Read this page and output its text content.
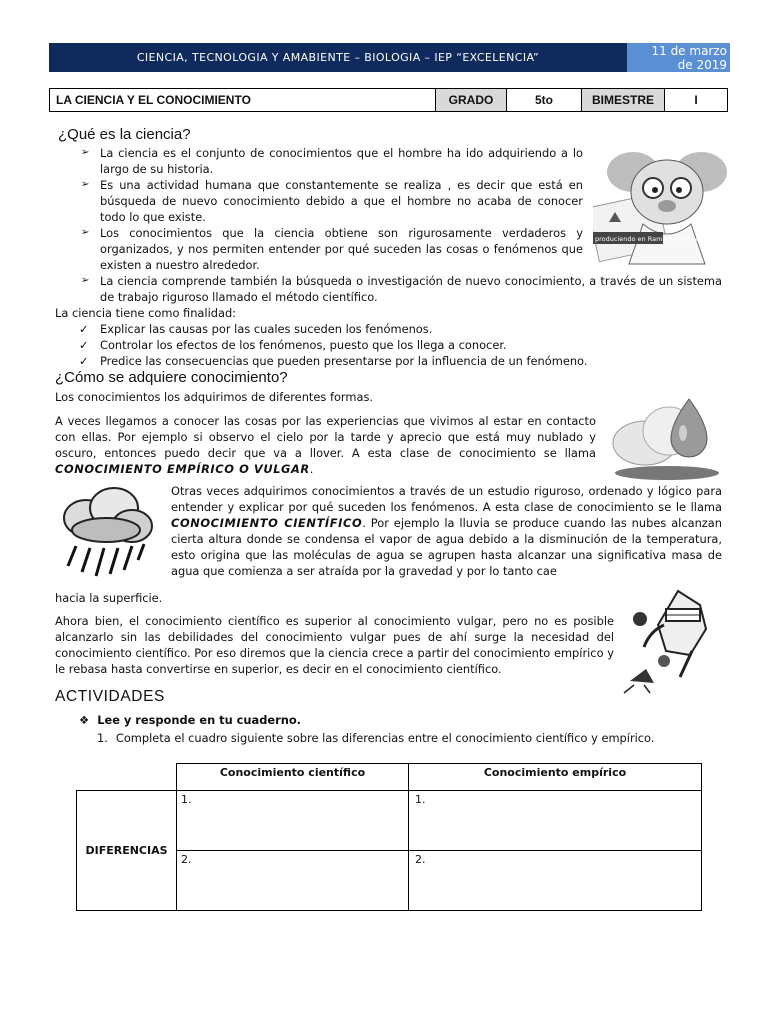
CIENCIA, TECNOLOGIA Y AMABIENTE – BIOLOGIA – IEP “EXCELENCIA”	11 de marzo
de 2019
LA CIENCIA Y EL CONOCIMIENTO	GRADO	5to	BIMESTRE	I
¿Qué es la ciencia?
➢ La ciencia es el conjunto de conocimientos que el hombre ha ido adquiriendo a lo largo de su historia.
➢ Es una actividad humana que constantemente se realiza , es decir que está en búsqueda de nuevo conocimiento debido a que el hombre no acaba de conocer todo lo que existe.
➢ Los conocimientos que la ciencia obtiene son rigurosamente verdaderos y organizados, y nos permiten entender por qué suceden las cosas o fenómenos que existen a nuestro alrededor.
➢ La ciencia comprende también la búsqueda o investigación de nuevo conocimiento, a través de un sistema de trabajo riguroso llamado el método científico.

La ciencia tiene como finalidad:

✓ Explicar las causas por las cuales suceden los fenómenos.
✓ Controlar los efectos de los fenómenos, puesto que los llega a conocer.
✓ Predice las consecuencias que pueden presentarse por la influencia de un fenómeno.
produciendo en Rama photobucket
¿Cómo se adquiere conocimiento?

Los conocimientos los adquirimos de diferentes formas.

A veces llegamos a conocer las cosas por las experiencias que vivimos al estar en contacto con ellas. Por ejemplo si observo el cielo por la tarde y aprecio que está muy nublado y oscuro, entonces puedo decir que va a llover. A esta clase de conocimiento se llama CONOCIMIENTO EMPÍRICO O VULGAR.

Otras veces adquirimos conocimientos a través de un estudio riguroso, ordenado y lógico para entender y explicar por qué suceden los fenómenos. A esta clase de conocimiento se le llama CONOCIMIENTO CIENTÍFICO. Por ejemplo la lluvia se produce cuando las nubes alcanzan cierta altura donde se condensa el vapor de agua debido a la disminución de la temperatura, esto origina que las moléculas de agua se agrupen hasta alcanzar una significativa masa de agua que comienza a ser atraída por la gravedad y por lo tanto cae

hacia la superficie.

Ahora bien, el conocimiento científico es superior al conocimiento vulgar, pero no es posible alcanzarlo sin las debilidades del conocimiento vulgar pues de ahí surge la necesidad del conocimiento científico. Por eso diremos que la ciencia crece a partir del conocimiento empírico y le rebasa hasta convertirse en superior, es decir en el conocimiento científico.

ACTIVIDADES
❖ Lee y responde en tu cuaderno.
1. Completa el cuadro siguiente sobre las diferencias entre el conocimiento científico y empírico.
Conocimiento científico	Conocimiento empírico
DIFERENCIAS
1.	1.
2.	2.
